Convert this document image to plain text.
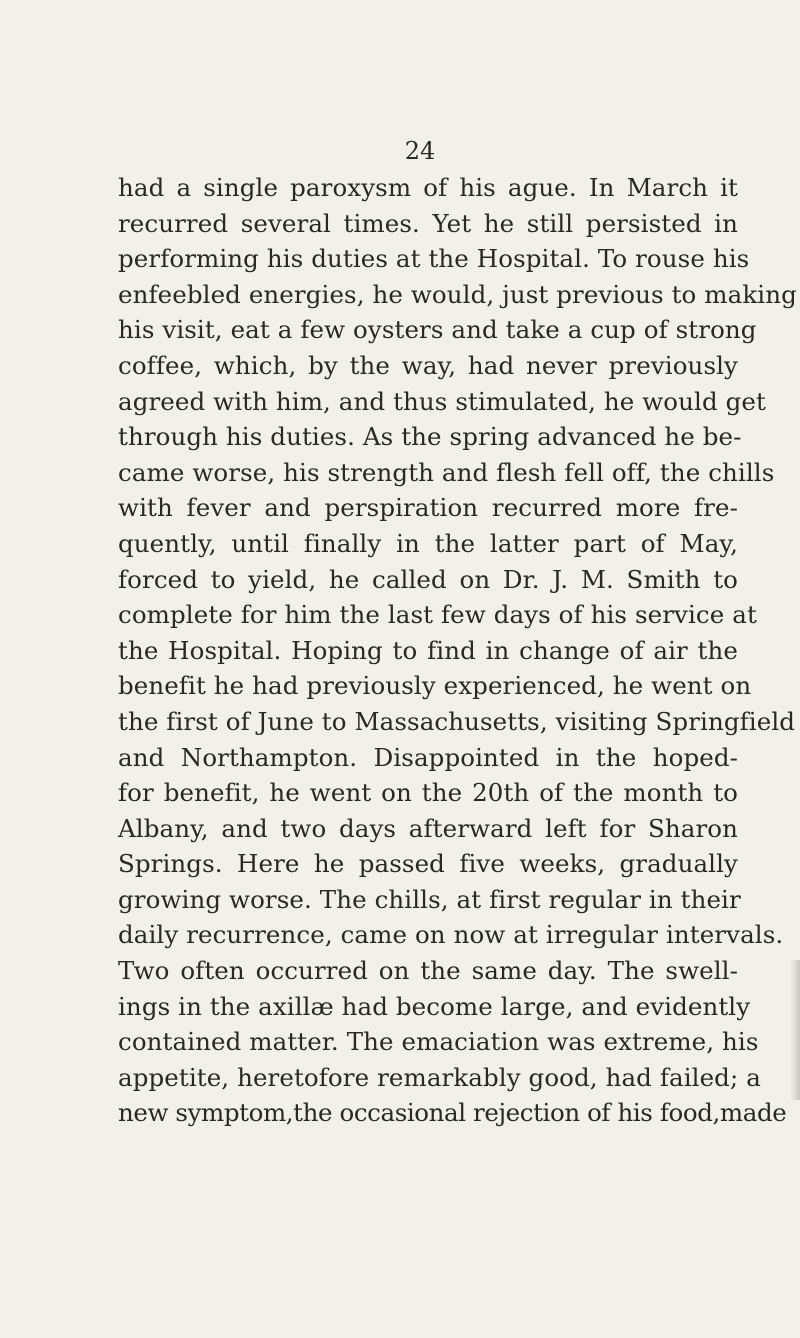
24
had a single paroxysm of his ague. In March it
recurred several times. Yet he still persisted in
performing his duties at the Hospital. To rouse his
enfeebled energies, he would, just previous to making
his visit, eat a few oysters and take a cup of strong
coffee, which, by the way, had never previously
agreed with him, and thus stimulated, he would get
through his duties. As the spring advanced he be-
came worse, his strength and flesh fell off, the chills
with fever and perspiration recurred more fre-
quently, until finally in the latter part of May,
forced to yield, he called on Dr. J. M. Smith to
complete for him the last few days of his service at
the Hospital. Hoping to find in change of air the
benefit he had previously experienced, he went on
the first of June to Massachusetts, visiting Springfield
and Northampton. Disappointed in the hoped-
for benefit, he went on the 20th of the month to
Albany, and two days afterward left for Sharon
Springs. Here he passed five weeks, gradually
growing worse. The chills, at first regular in their
daily recurrence, came on now at irregular intervals.
Two often occurred on the same day. The swell-
ings in the axillæ had become large, and evidently
contained matter. The emaciation was extreme, his
appetite, heretofore remarkably good, had failed; a
new symptom,the occasional rejection of his food,made
